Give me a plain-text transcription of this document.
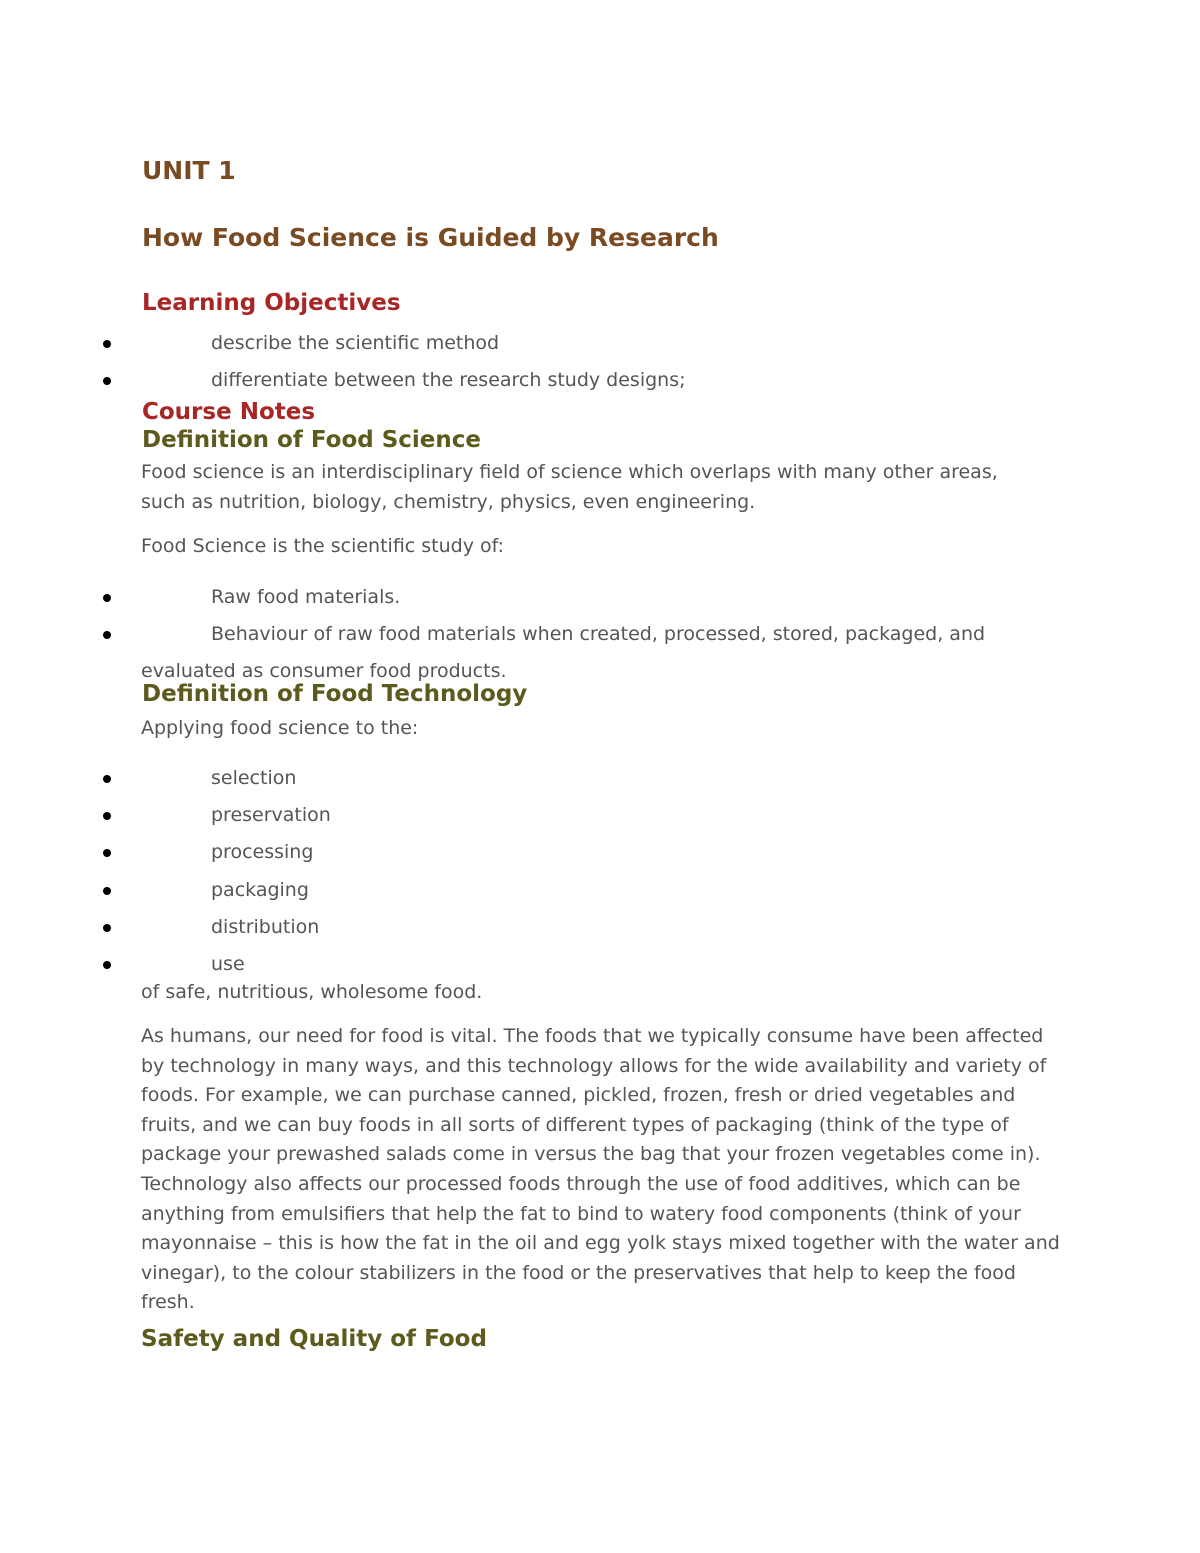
UNIT 1
How Food Science is Guided by Research
Learning Objectives
describe the scientific method
differentiate between the research study designs;
Course Notes
Definition of Food Science
Food science is an interdisciplinary field of science which overlaps with many other areas,
such as nutrition, biology, chemistry, physics, even engineering.
Food Science is the scientific study of:
Raw food materials.
Behaviour of raw food materials when created, processed, stored, packaged, and
evaluated as consumer food products.
Definition of Food Technology
Applying food science to the:
selection
preservation
processing
packaging
distribution
use
of safe, nutritious, wholesome food.
As humans, our need for food is vital. The foods that we typically consume have been affected by technology in many ways, and this technology allows for the wide availability and variety of foods. For example, we can purchase canned, pickled, frozen, fresh or dried vegetables and fruits, and we can buy foods in all sorts of different types of packaging (think of the type of package your prewashed salads come in versus the bag that your frozen vegetables come in). Technology also affects our processed foods through the use of food additives, which can be anything from emulsifiers that help the fat to bind to watery food components (think of your mayonnaise – this is how the fat in the oil and egg yolk stays mixed together with the water and vinegar), to the colour stabilizers in the food or the preservatives that help to keep the food fresh.
Safety and Quality of Food
